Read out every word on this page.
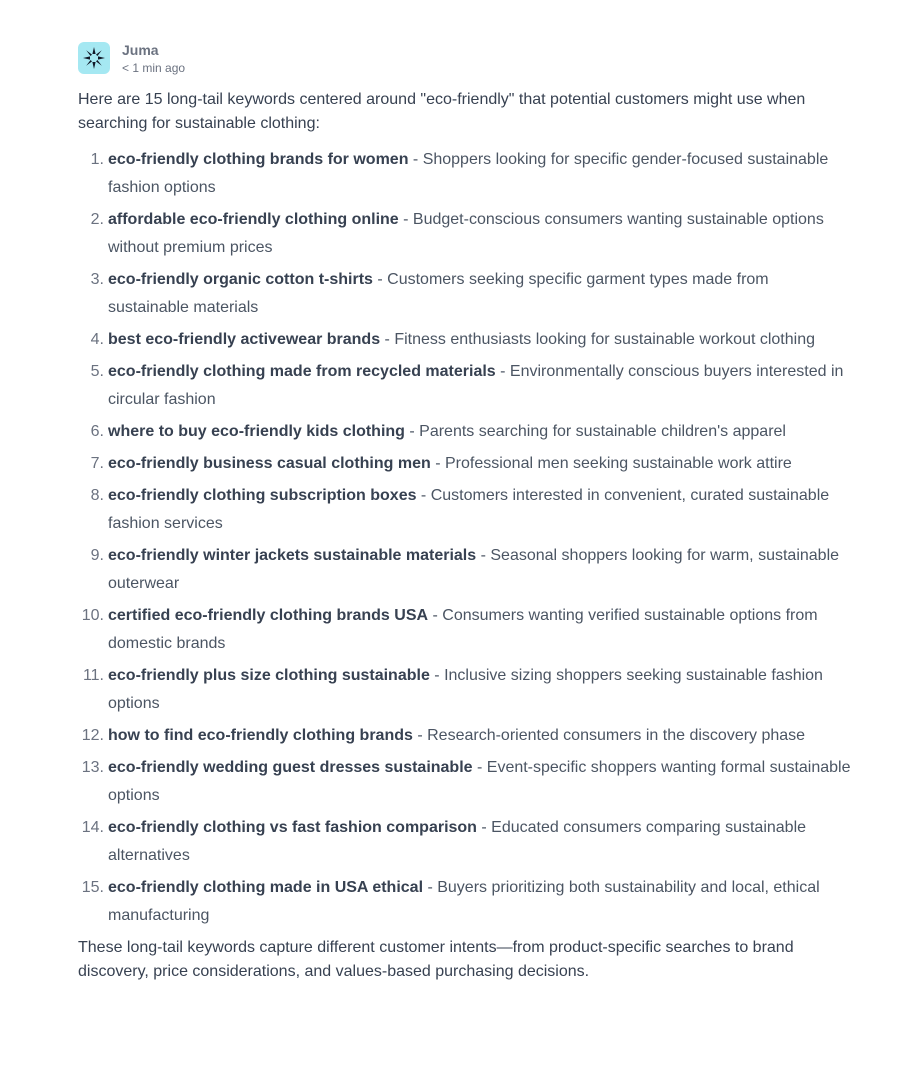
Juma
< 1 min ago

Here are 15 long-tail keywords centered around "eco-friendly" that potential customers might use when searching for sustainable clothing:

1. eco-friendly clothing brands for women - Shoppers looking for specific gender-focused sustainable fashion options
2. affordable eco-friendly clothing online - Budget-conscious consumers wanting sustainable options without premium prices
3. eco-friendly organic cotton t-shirts - Customers seeking specific garment types made from sustainable materials
4. best eco-friendly activewear brands - Fitness enthusiasts looking for sustainable workout clothing
5. eco-friendly clothing made from recycled materials - Environmentally conscious buyers interested in circular fashion
6. where to buy eco-friendly kids clothing - Parents searching for sustainable children's apparel
7. eco-friendly business casual clothing men - Professional men seeking sustainable work attire
8. eco-friendly clothing subscription boxes - Customers interested in convenient, curated sustainable fashion services
9. eco-friendly winter jackets sustainable materials - Seasonal shoppers looking for warm, sustainable outerwear
10. certified eco-friendly clothing brands USA - Consumers wanting verified sustainable options from domestic brands
11. eco-friendly plus size clothing sustainable - Inclusive sizing shoppers seeking sustainable fashion options
12. how to find eco-friendly clothing brands - Research-oriented consumers in the discovery phase
13. eco-friendly wedding guest dresses sustainable - Event-specific shoppers wanting formal sustainable options
14. eco-friendly clothing vs fast fashion comparison - Educated consumers comparing sustainable alternatives
15. eco-friendly clothing made in USA ethical - Buyers prioritizing both sustainability and local, ethical manufacturing

These long-tail keywords capture different customer intents—from product-specific searches to brand discovery, price considerations, and values-based purchasing decisions.
